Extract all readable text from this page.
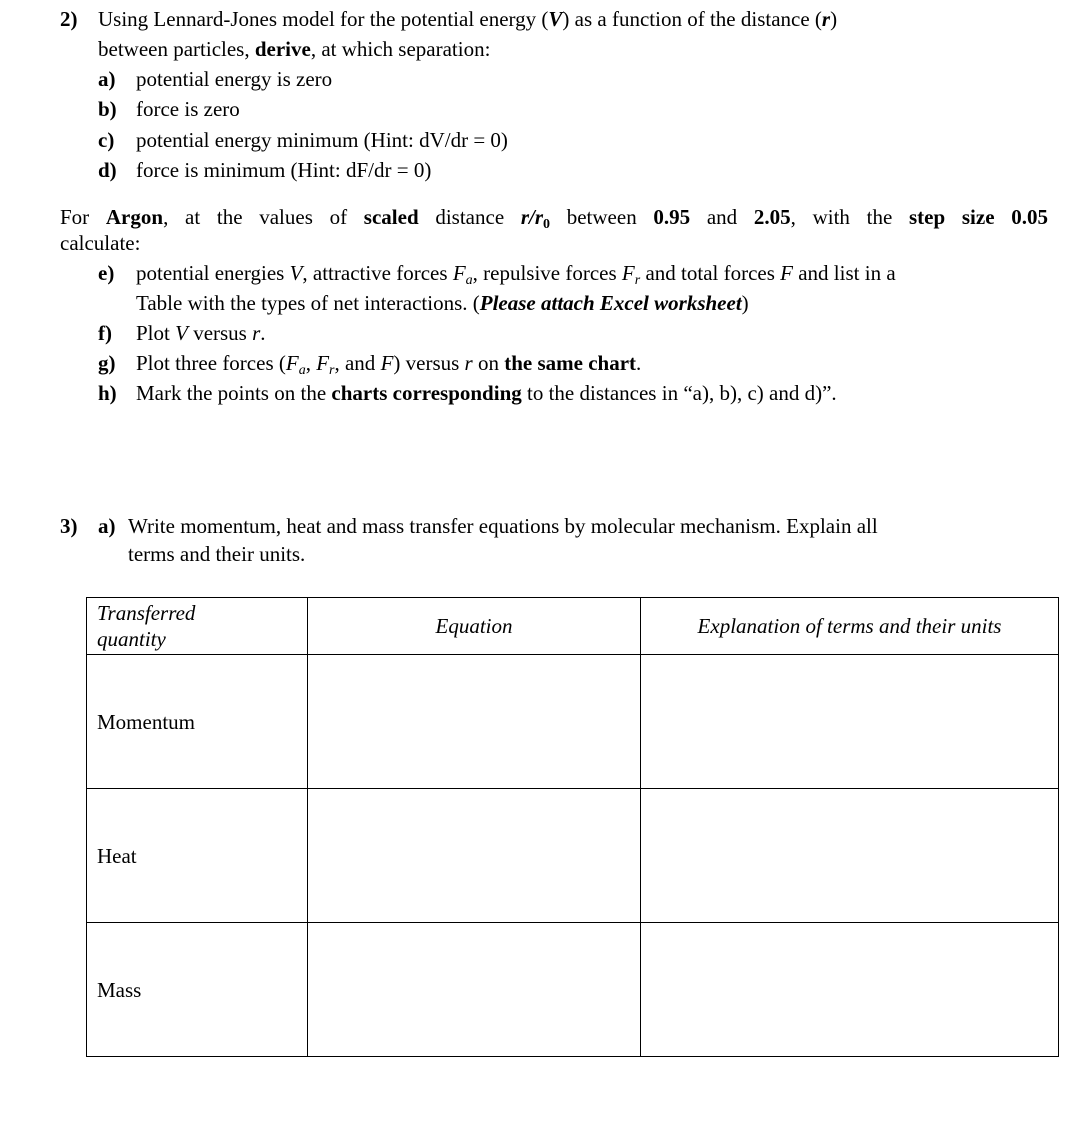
2) Using Lennard-Jones model for the potential energy (V) as a function of the distance (r)
between particles, derive, at which separation:
a) potential energy is zero
b) force is zero
c) potential energy minimum (Hint: dV/dr = 0)
d) force is minimum (Hint: dF/dr = 0)
For Argon, at the values of scaled distance $r/r_0$ between 0.95 and 2.05, with the step size 0.05
calculate:
e) potential energies V, attractive forces $F_a$, repulsive forces $F_r$ and total forces F and list in a
Table with the types of net interactions. (Please attach Excel worksheet)
f) Plot V versus r.
g) Plot three forces ($F_a$, $F_r$, and F) versus r on the same chart.
h) Mark the points on the charts corresponding to the distances in “a), b), c) and d)”.
3) a) Write momentum, heat and mass transfer equations by molecular mechanism. Explain all
terms and their units.
Transferred
quantity	Equation	Explanation of terms and their units
Momentum		
Heat		
Mass		
